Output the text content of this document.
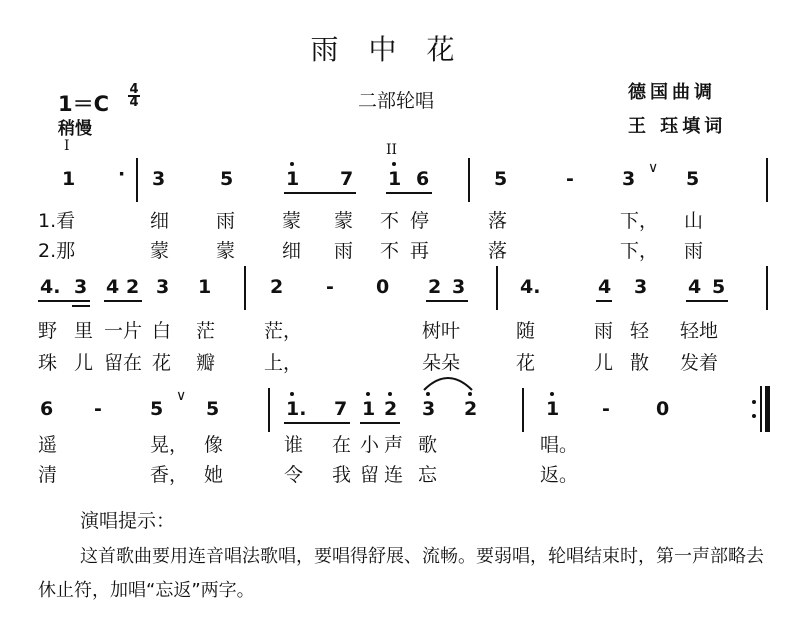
雨中花
1＝C
4
4
稍慢
二部轮唱	德国曲调
王 珏填词
I	II
1 · 3	5	1 7 1 6	5	-	3 ∨ 5
1.看	细 雨 蒙 蒙 不 停	落	下， 山
2.那	蒙 蒙 细 雨 不 再	落	下， 雨
4. 3 4 2 3 1	2 - 0 2 3	4.	4 3 4 5
野 里 一片 白 茫	茫，	树叶	随	雨 轻 轻地
珠 儿 留在 花 瓣	上，	朵朵	花	儿 散 发着
6 -	5
∨
5	1. 7 1 2 3 2	1 - 0
遥	晃， 像	谁 在 小 声 歌	唱。
清	香， 她	令 我 留 连 忘	返。
演唱提示：
这首歌曲要用连音唱法歌唱，要唱得舒展、流畅。要弱唱，轮唱结束时，第一声部略去休止符，加唱“忘返”两字。
